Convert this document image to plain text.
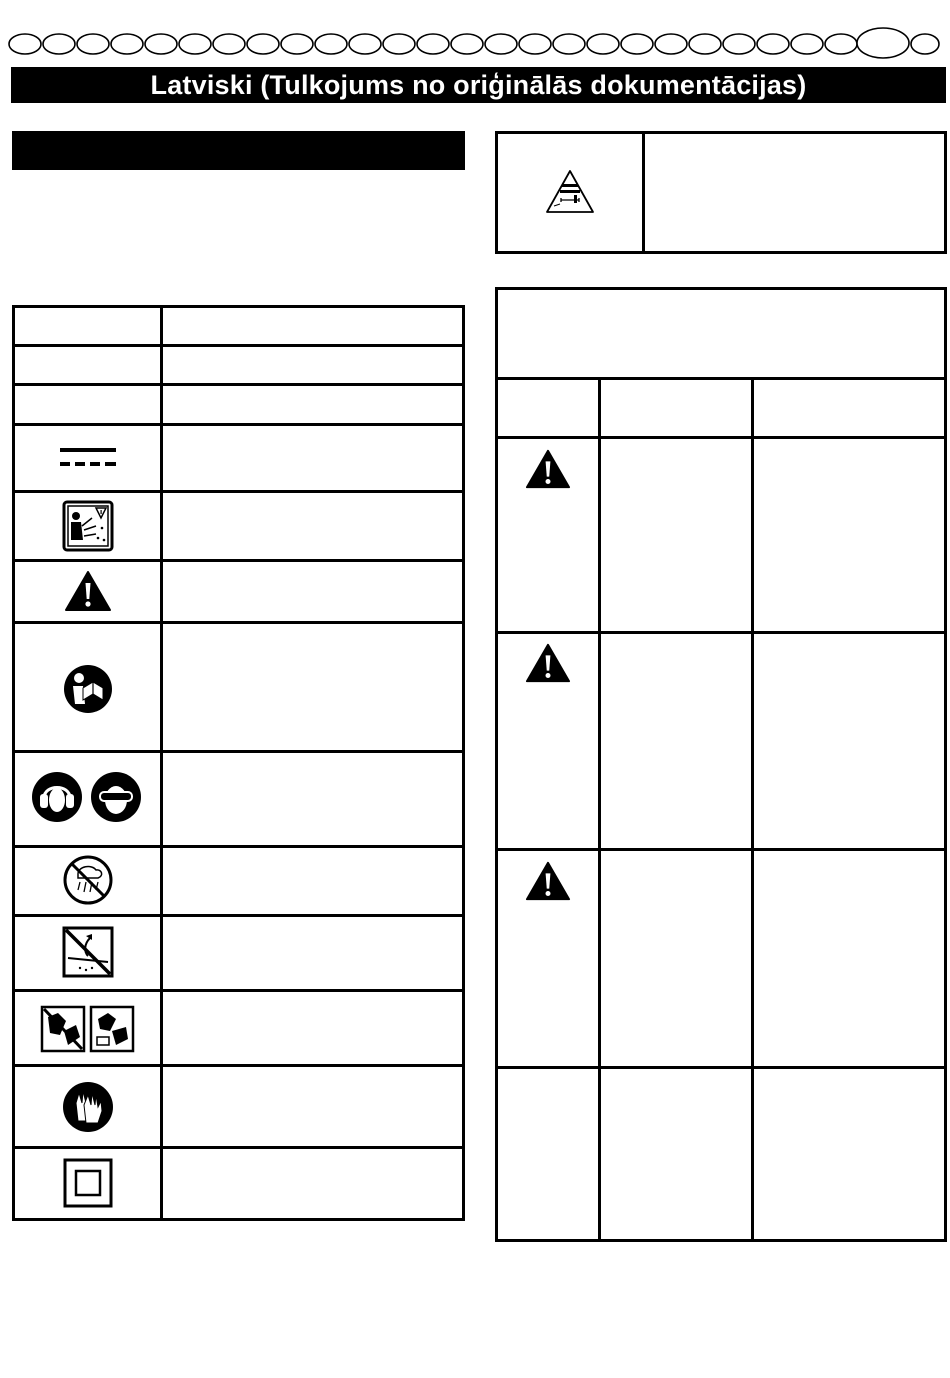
Latviski (Tulkojums no oriģinālās dokumentācijas)
